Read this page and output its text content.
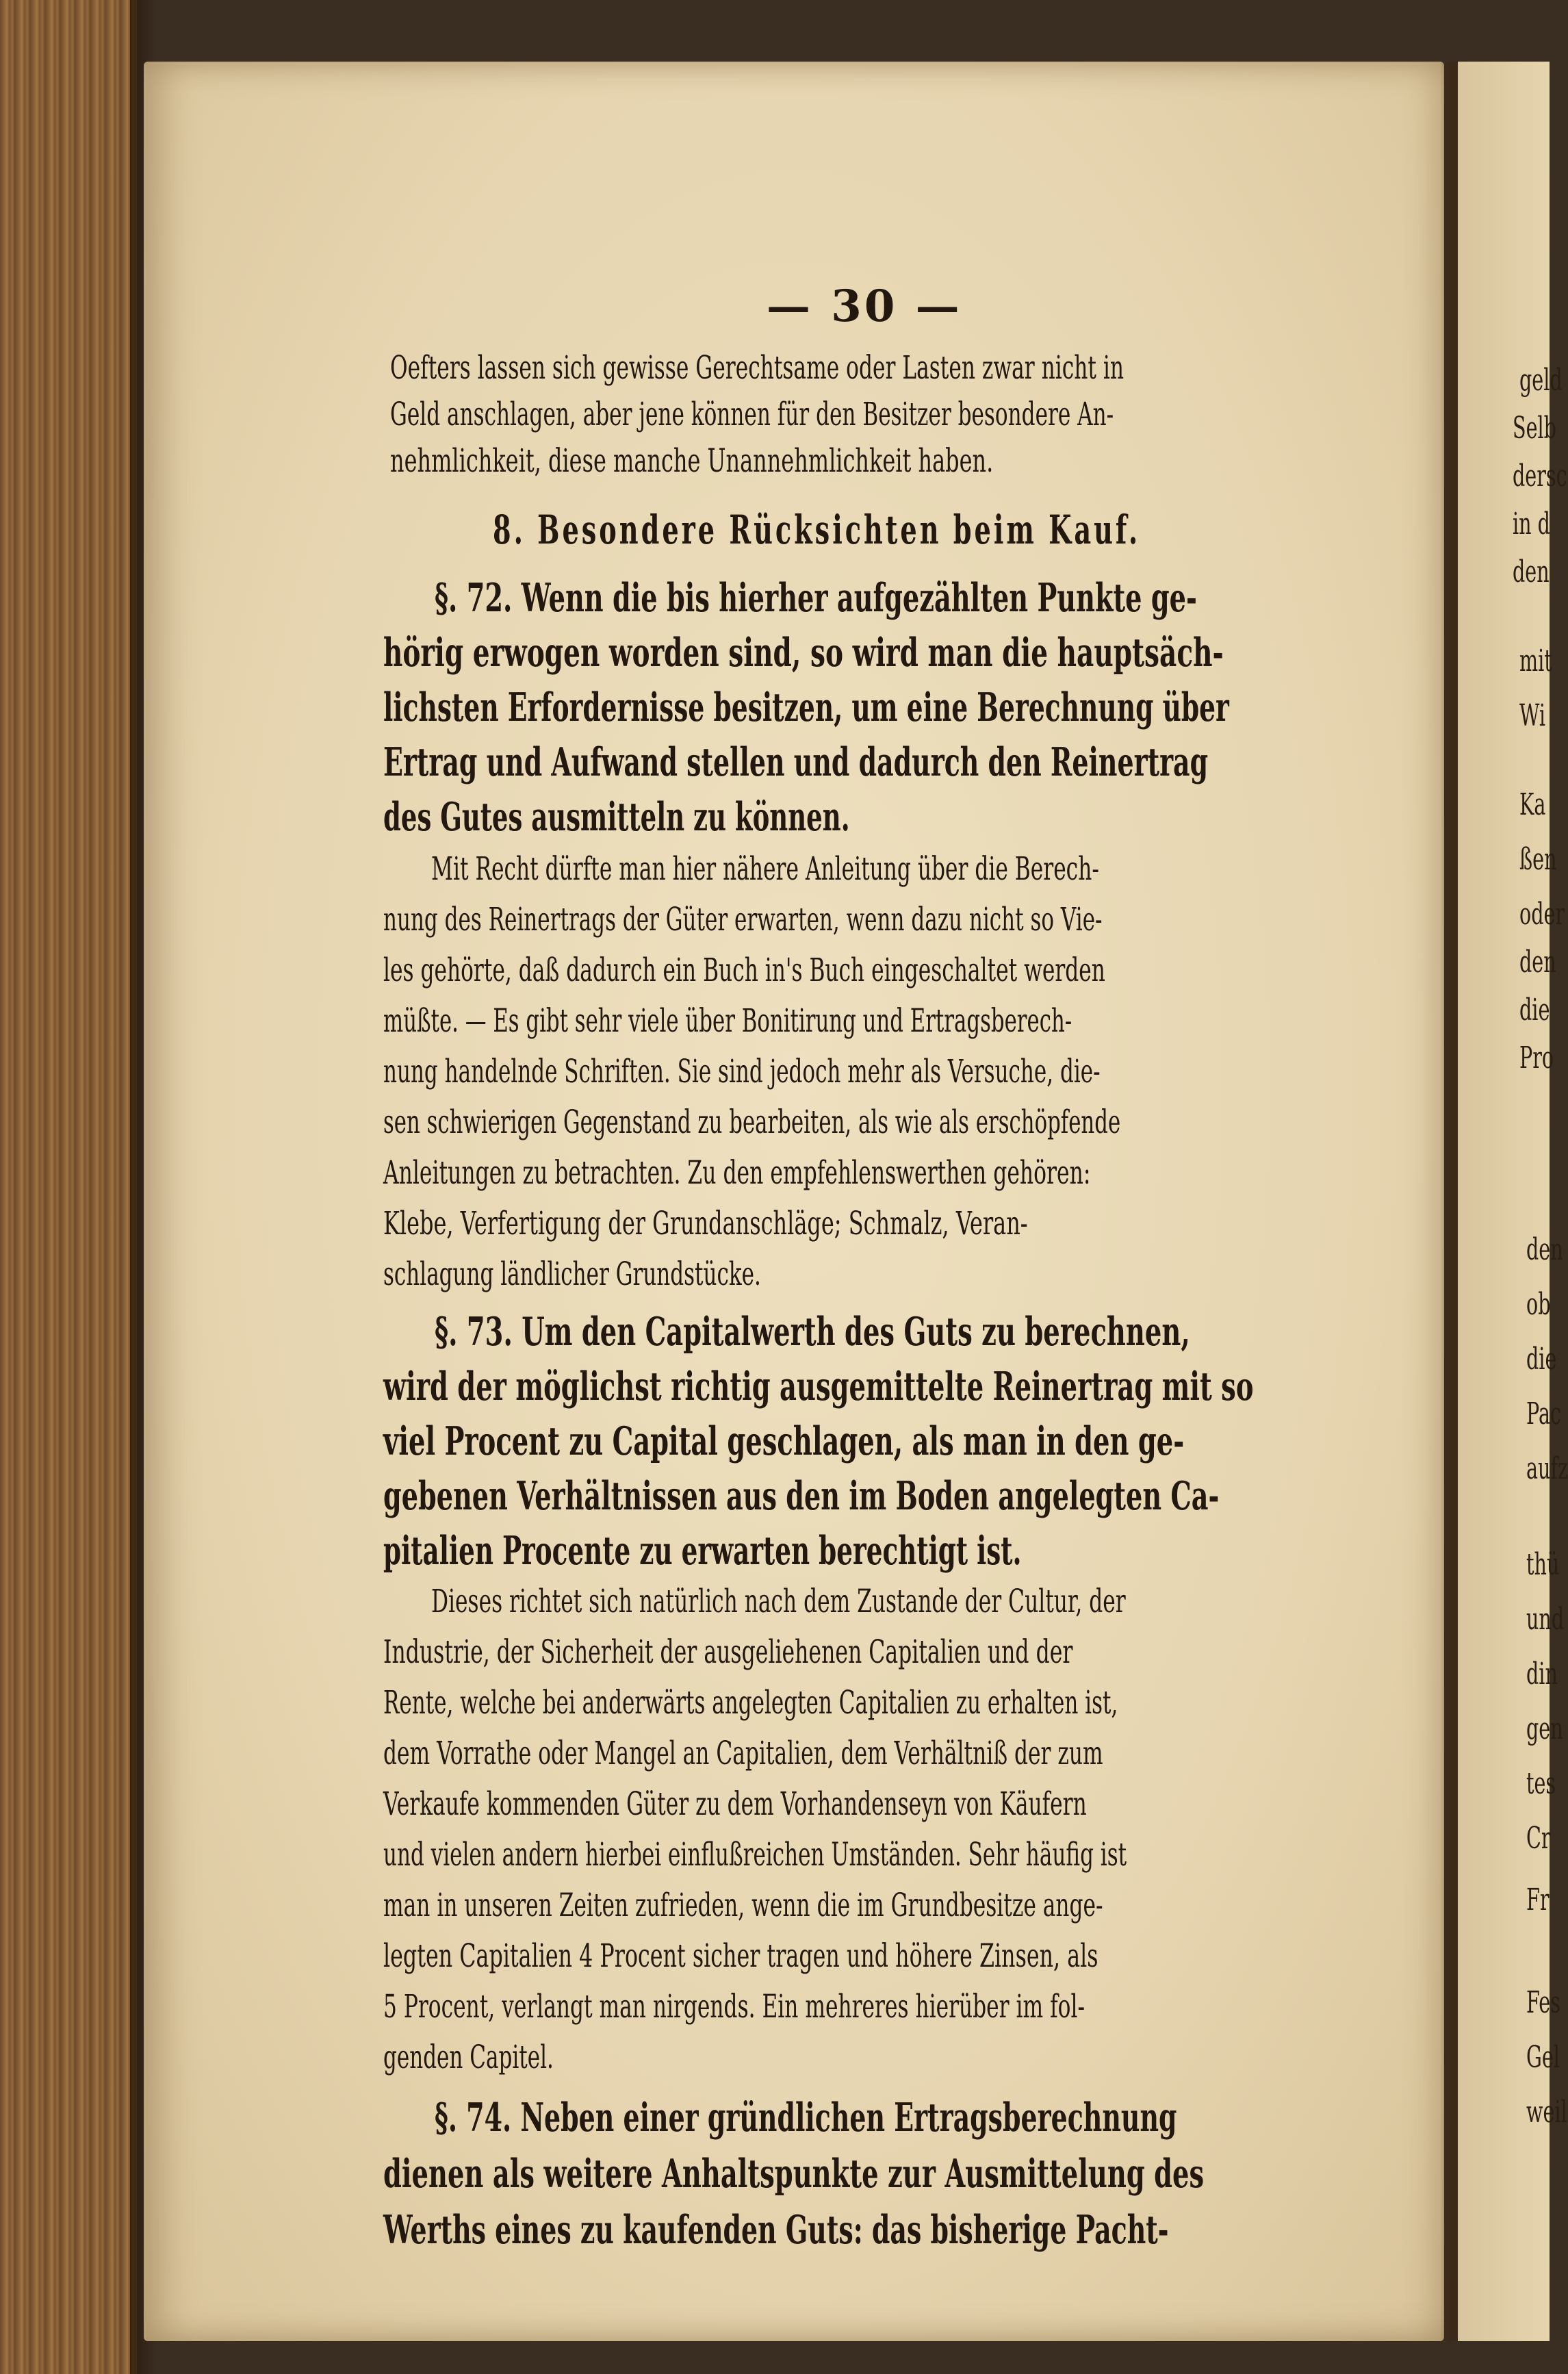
— 30 —
Oefters lassen sich gewisse Gerechtsame oder Lasten zwar nicht in
Geld anschlagen, aber jene können für den Besitzer besondere An-
nehmlichkeit, diese manche Unannehmlichkeit haben.
8. Besondere Rücksichten beim Kauf.
§. 72. Wenn die bis hierher aufgezählten Punkte ge-
hörig erwogen worden sind, so wird man die hauptsäch-
lichsten Erfordernisse besitzen, um eine Berechnung über
Ertrag und Aufwand stellen und dadurch den Reinertrag
des Gutes ausmitteln zu können.
Mit Recht dürfte man hier nähere Anleitung über die Berech-
nung des Reinertrags der Güter erwarten, wenn dazu nicht so Vie-
les gehörte, daß dadurch ein Buch in's Buch eingeschaltet werden
müßte. — Es gibt sehr viele über Bonitirung und Ertragsberech-
nung handelnde Schriften. Sie sind jedoch mehr als Versuche, die-
sen schwierigen Gegenstand zu bearbeiten, als wie als erschöpfende
Anleitungen zu betrachten. Zu den empfehlenswerthen gehören:
Klebe, Verfertigung der Grundanschläge; Schmalz, Veran-
schlagung ländlicher Grundstücke.
§. 73. Um den Capitalwerth des Guts zu berechnen,
wird der möglichst richtig ausgemittelte Reinertrag mit so
viel Procent zu Capital geschlagen, als man in den ge-
gebenen Verhältnissen aus den im Boden angelegten Ca-
pitalien Procente zu erwarten berechtigt ist.
Dieses richtet sich natürlich nach dem Zustande der Cultur, der
Industrie, der Sicherheit der ausgeliehenen Capitalien und der
Rente, welche bei anderwärts angelegten Capitalien zu erhalten ist,
dem Vorrathe oder Mangel an Capitalien, dem Verhältniß der zum
Verkaufe kommenden Güter zu dem Vorhandenseyn von Käufern
und vielen andern hierbei einflußreichen Umständen. Sehr häufig ist
man in unseren Zeiten zufrieden, wenn die im Grundbesitze ange-
legten Capitalien 4 Procent sicher tragen und höhere Zinsen, als
5 Procent, verlangt man nirgends. Ein mehreres hierüber im fol-
genden Capitel.
§. 74. Neben einer gründlichen Ertragsberechnung
dienen als weitere Anhaltspunkte zur Ausmittelung des
Werths eines zu kaufenden Guts: das bisherige Pacht-
geld
Selb
dersc
in d
den
mit
Wi
Ka
ßen
oder
den
die
Pro
den
ob
die
Pac
aufz
thü
und
din
gen
tes
Cr
Fr
Fes
Gel
weil
